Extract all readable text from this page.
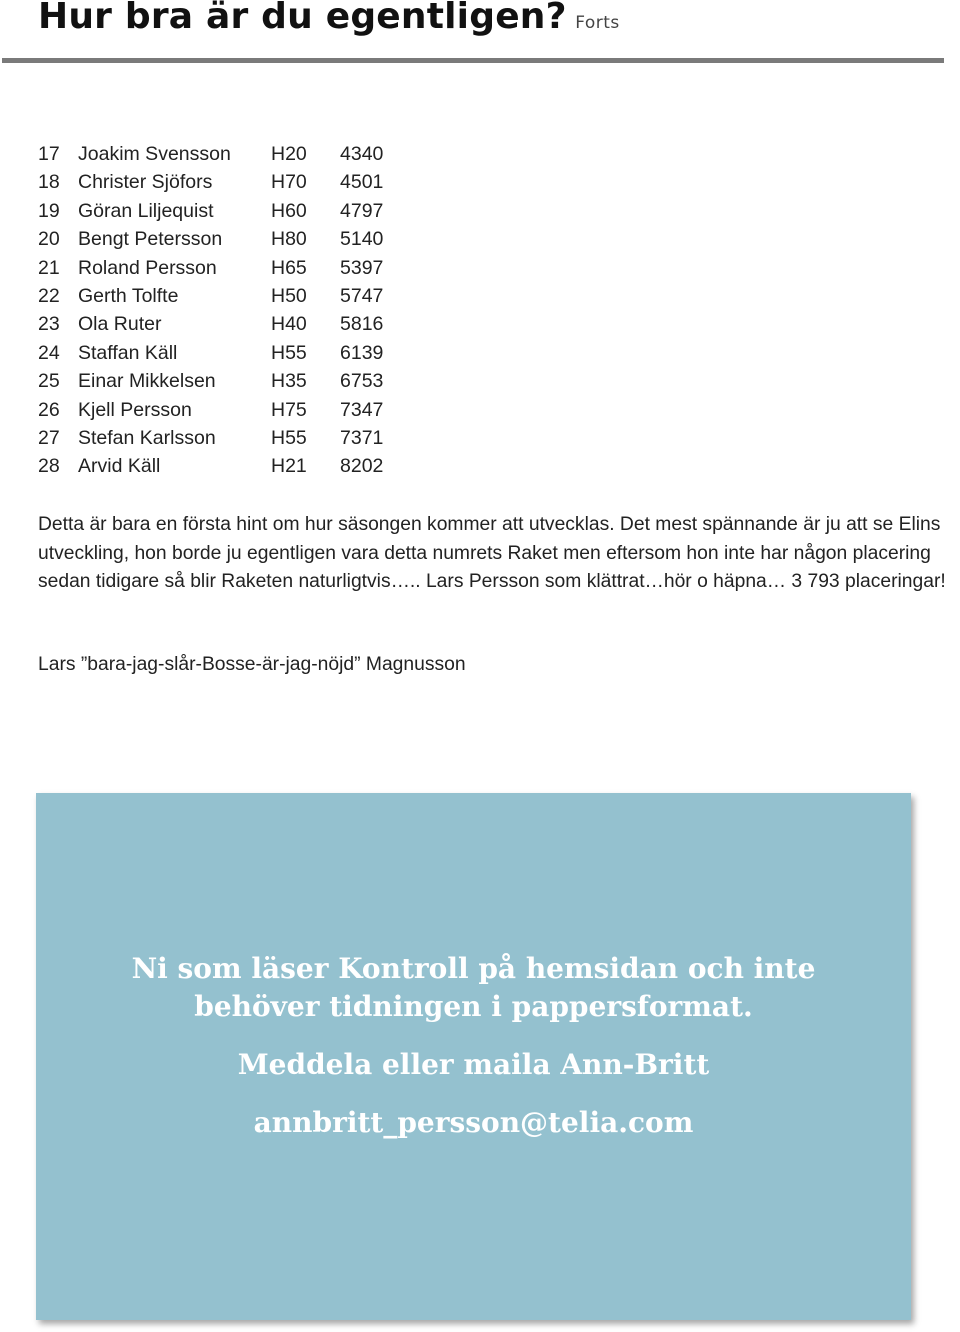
Hur bra är du egentligen? Forts
17 Joakim Svensson H20 4340
18 Christer Sjöfors	H70 4501
19 Göran Liljequist	H60 4797
20 Bengt Petersson	H80 5140
21 Roland Persson	H65 5397
22 Gerth Tolfte	H50 5747
23 Ola Ruter	H40 5816
24 Staffan Käll	H55 6139
25 Einar Mikkelsen	H35 6753
26 Kjell Persson	H75 7347
27 Stefan Karlsson	H55 7371
28 Arvid Käll	H21 8202

Detta är bara en första hint om hur säsongen kommer att utvecklas. Det mest spännande är ju att se Elins utveckling, hon borde ju egentligen vara detta numrets Raket men eftersom hon inte har någon placering sedan tidigare så blir Raketen naturligtvis….. Lars Persson som klättrat…hör o häpna… 3 793 placeringar!

Lars ”bara-jag-slår-Bosse-är-jag-nöjd” Magnusson

Ni som läser Kontroll på hemsidan och inte
behöver tidningen i pappersformat.

Meddela eller maila Ann-Britt

annbritt_persson@telia.com
